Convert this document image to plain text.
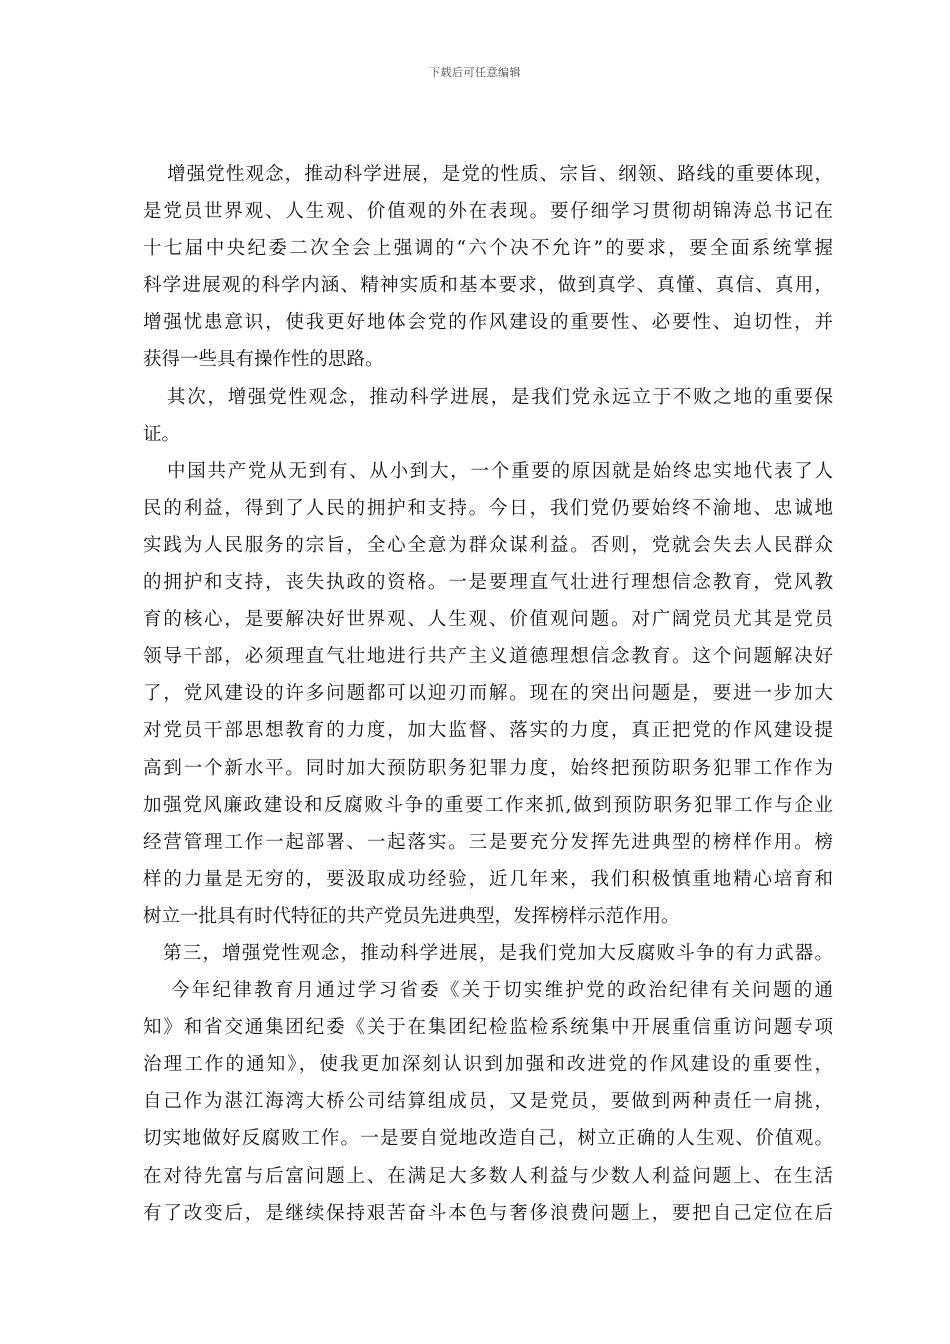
下载后可任意编辑
增强党性观念，推动科学进展，是党的性质、宗旨、纲领、路线的重要体现，
是党员世界观、人生观、价值观的外在表现。要仔细学习贯彻胡锦涛总书记在
十七届中央纪委二次全会上强调的“六个决不允许”的要求，要全面系统掌握
科学进展观的科学内涵、精神实质和基本要求，做到真学、真懂、真信、真用，
增强忧患意识，使我更好地体会党的作风建设的重要性、必要性、迫切性，并
获得一些具有操作性的思路。
其次，增强党性观念，推动科学进展，是我们党永远立于不败之地的重要保
证。
中国共产党从无到有、从小到大，一个重要的原因就是始终忠实地代表了人
民的利益，得到了人民的拥护和支持。今日，我们党仍要始终不渝地、忠诚地
实践为人民服务的宗旨，全心全意为群众谋利益。否则，党就会失去人民群众
的拥护和支持，丧失执政的资格。一是要理直气壮进行理想信念教育，党风教
育的核心，是要解决好世界观、人生观、价值观问题。对广阔党员尤其是党员
领导干部，必须理直气壮地进行共产主义道德理想信念教育。这个问题解决好
了，党风建设的许多问题都可以迎刃而解。现在的突出问题是，要进一步加大
对党员干部思想教育的力度，加大监督、落实的力度，真正把党的作风建设提
高到一个新水平。同时加大预防职务犯罪力度，始终把预防职务犯罪工作作为
加强党风廉政建设和反腐败斗争的重要工作来抓,做到预防职务犯罪工作与企业
经营管理工作一起部署、一起落实。三是要充分发挥先进典型的榜样作用。榜
样的力量是无穷的，要汲取成功经验，近几年来，我们积极慎重地精心培育和
树立一批具有时代特征的共产党员先进典型，发挥榜样示范作用。
第三，增强党性观念，推动科学进展，是我们党加大反腐败斗争的有力武器。
今年纪律教育月通过学习省委《关于切实维护党的政治纪律有关问题的通
知》和省交通集团纪委《关于在集团纪检监检系统集中开展重信重访问题专项
治理工作的通知》，使我更加深刻认识到加强和改进党的作风建设的重要性，
自己作为湛江海湾大桥公司结算组成员，又是党员，要做到两种责任一肩挑，
切实地做好反腐败工作。一是要自觉地改造自己，树立正确的人生观、价值观。
在对待先富与后富问题上、在满足大多数人利益与少数人利益问题上、在生活
有了改变后，是继续保持艰苦奋斗本色与奢侈浪费问题上，要把自己定位在后
